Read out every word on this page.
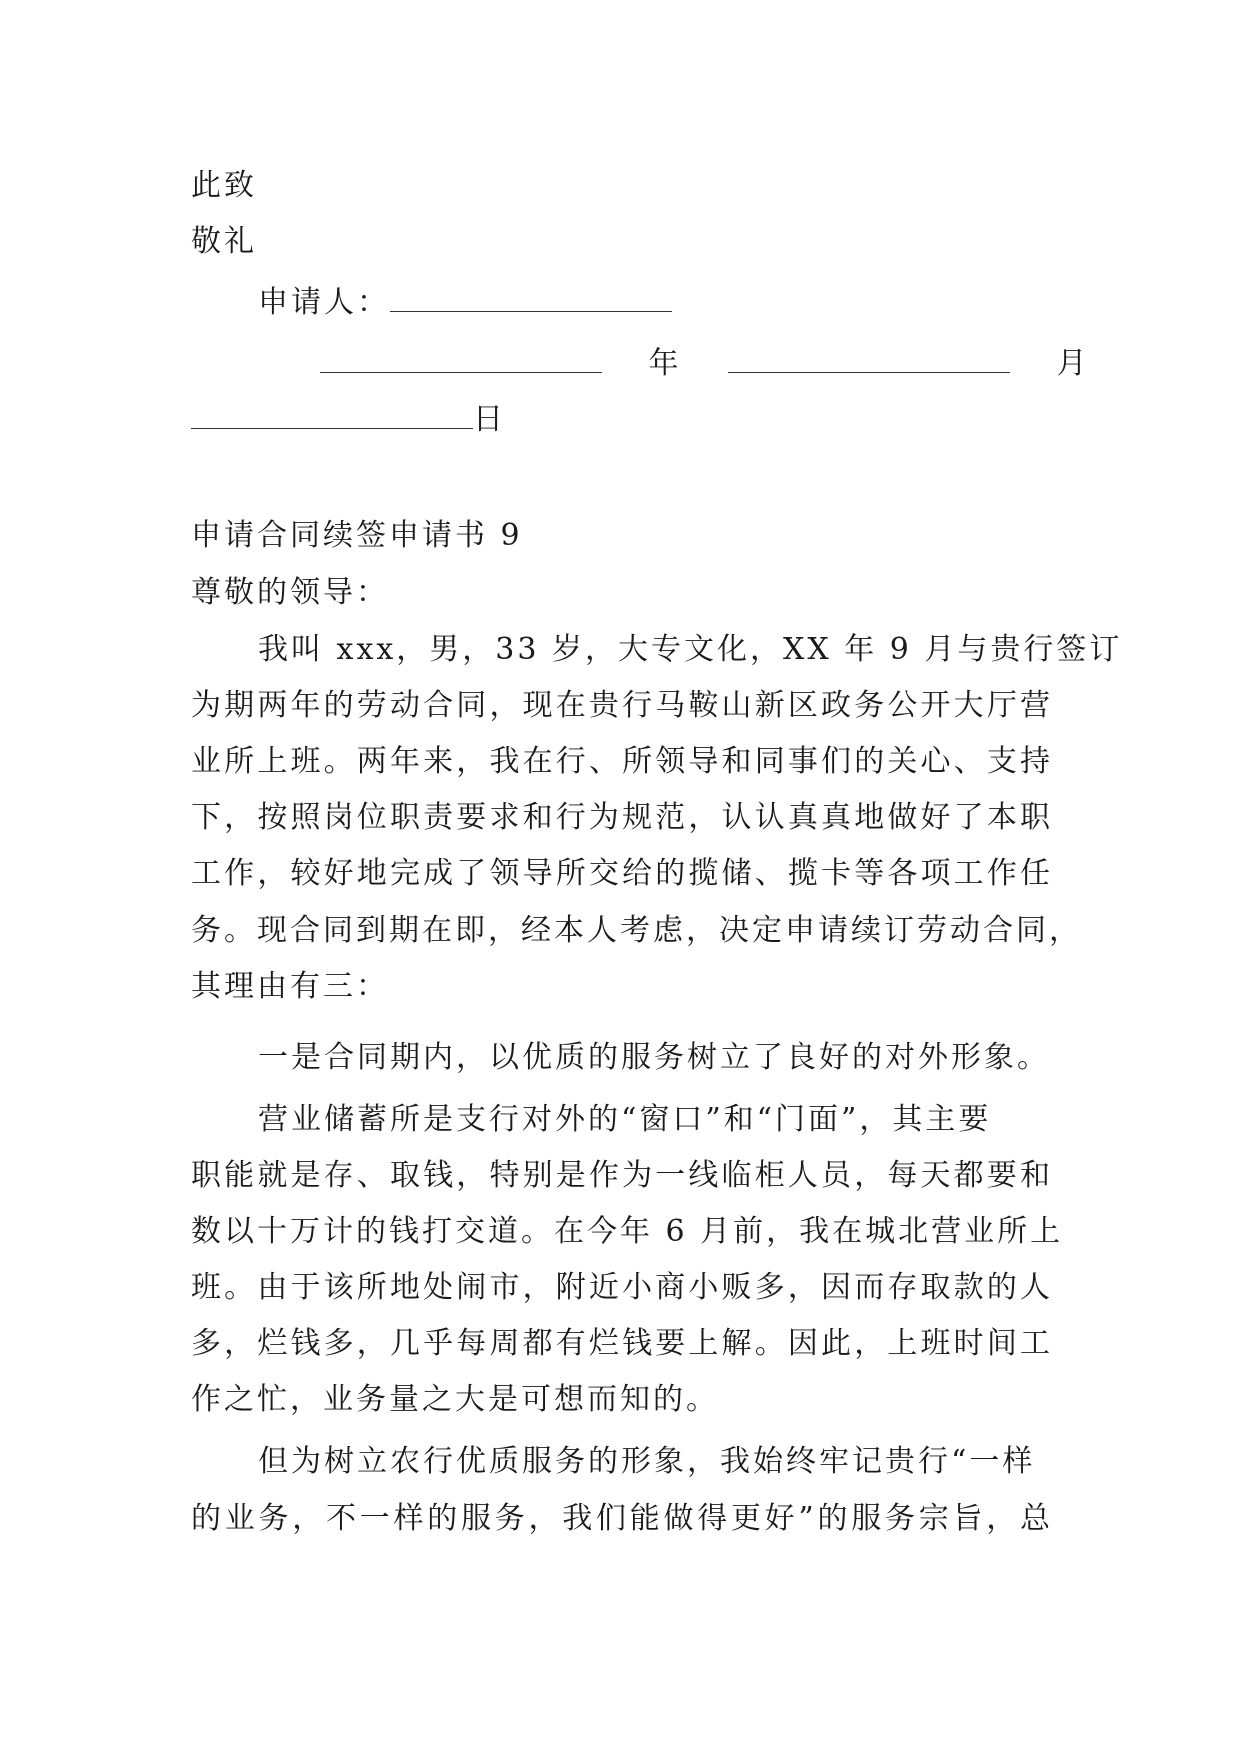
此致
敬礼
申请人：
年	月
日
申请合同续签申请书 9
尊敬的领导：
我叫 xxx，男，33 岁，大专文化，XX 年 9 月与贵行签订
为期两年的劳动合同，现在贵行马鞍山新区政务公开大厅营
业所上班。两年来，我在行、所领导和同事们的关心、支持
下，按照岗位职责要求和行为规范，认认真真地做好了本职
工作，较好地完成了领导所交给的揽储、揽卡等各项工作任
务。现合同到期在即，经本人考虑，决定申请续订劳动合同，
其理由有三：
一是合同期内，以优质的服务树立了良好的对外形象。
营业储蓄所是支行对外的“窗口”和“门面”，其主要
职能就是存、取钱，特别是作为一线临柜人员，每天都要和
数以十万计的钱打交道。在今年 6 月前，我在城北营业所上
班。由于该所地处闹市，附近小商小贩多，因而存取款的人
多，烂钱多，几乎每周都有烂钱要上解。因此，上班时间工
作之忙，业务量之大是可想而知的。
但为树立农行优质服务的形象，我始终牢记贵行“一样
的业务，不一样的服务，我们能做得更好”的服务宗旨，总
